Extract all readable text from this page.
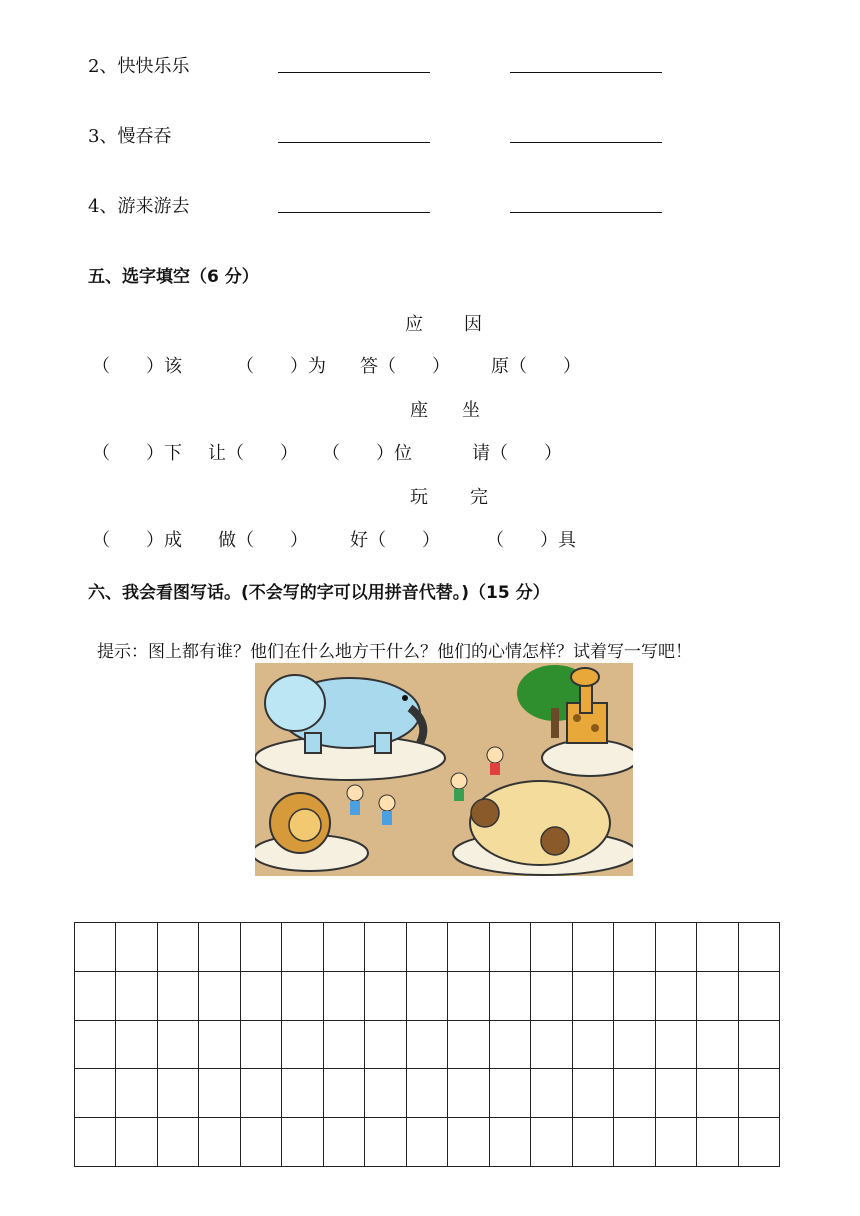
2、快快乐乐
3、慢吞吞
4、游来游去
五、选字填空（6 分）
应 因
（　　）该	（　　）为 答（　　） 原（　　）
座 坐
（　　）下 让（　　） （　　）位	请（　　）
玩 完
（　　）成 做（　　） 好（　　）	（　　）具
六、我会看图写话。(不会写的字可以用拼音代替。)（15 分）
提示：图上都有谁？他们在什么地方干什么？他们的心情怎样？试着写一写吧！
